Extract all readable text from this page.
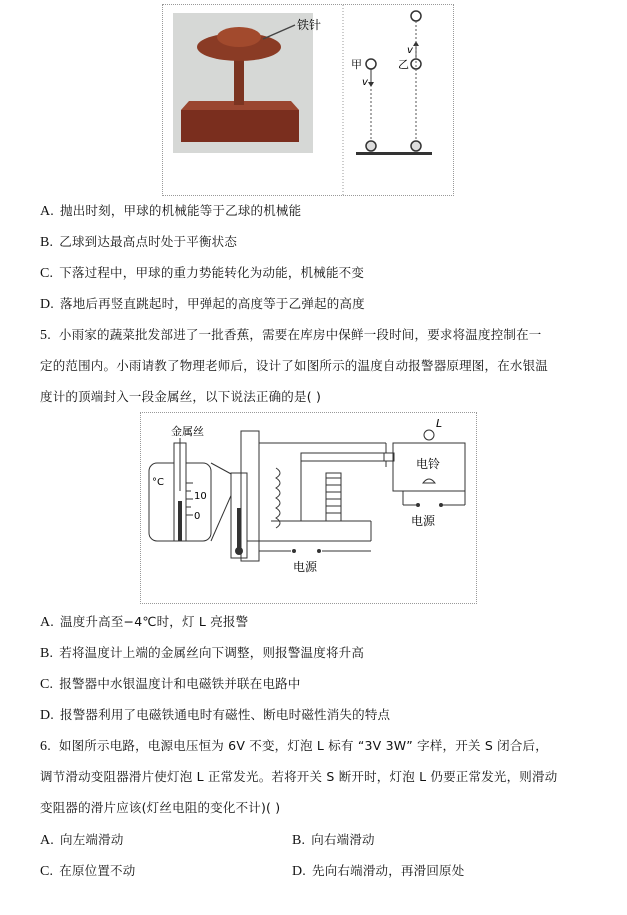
铁针
甲
v
乙
v
A. 抛出时刻，甲球的机械能等于乙球的机械能
B. 乙球到达最高点时处于平衡状态
C. 下落过程中，甲球的重力势能转化为动能，机械能不变
D. 落地后再竖直跳起时，甲弹起的高度等于乙弹起的高度
5. 小雨家的蔬菜批发部进了一批香蕉，需要在库房中保鲜一段时间，要求将温度控制在一
定的范围内。小雨请教了物理老师后，设计了如图所示的温度自动报警器原理图，在水银温
度计的顶端封入一段金属丝，以下说法正确的是( )
金属丝
°C
10
0
电源
L
电铃
电源
A. 温度升高至−4℃时，灯 L 亮报警
B. 若将温度计上端的金属丝向下调整，则报警温度将升高
C. 报警器中水银温度计和电磁铁并联在电路中
D. 报警器利用了电磁铁通电时有磁性、断电时磁性消失的特点
6. 如图所示电路，电源电压恒为 6V 不变，灯泡 L 标有 “3V 3W” 字样，开关 S 闭合后，
调节滑动变阻器滑片使灯泡 L 正常发光。若将开关 S 断开时，灯泡 L 仍要正常发光，则滑动
变阻器的滑片应该(灯丝电阻的变化不计)( )
A. 向左端滑动	B. 向右端滑动
C. 在原位置不动	D. 先向右端滑动，再滑回原处
